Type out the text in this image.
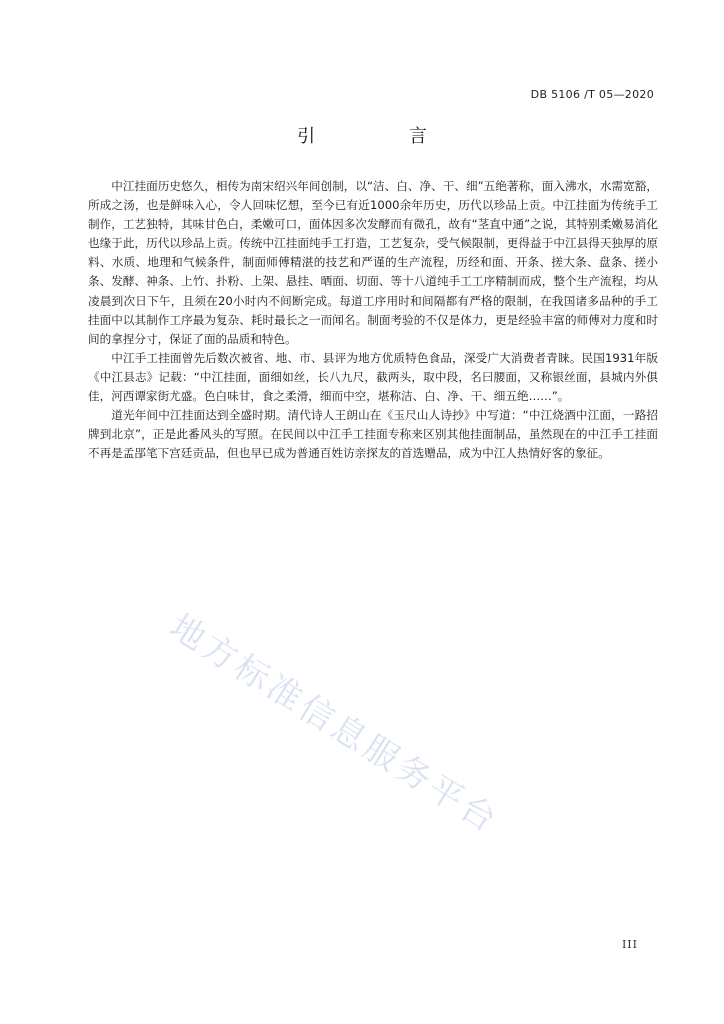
DB 5106 /T 05—2020
引 言

中江挂面历史悠久，相传为南宋绍兴年间创制，以“洁、白、净、干、细”五绝著称，面入沸水，水需宽豁，所成之汤，也是鲜味入心，令人回味忆想，至今已有近1000余年历史，历代以珍品上贡。中江挂面为传统手工制作，工艺独特，其味甘色白，柔嫩可口，面体因多次发酵而有微孔，故有“茎直中通”之说，其特别柔嫩易消化也缘于此，历代以珍品上贡。传统中江挂面纯手工打造，工艺复杂，受气候限制，更得益于中江县得天独厚的原料、水质、地理和气候条件，制面师傅精湛的技艺和严谨的生产流程，历经和面、开条、搓大条、盘条、搓小条、发酵、神条、上竹、扑粉、上架、悬挂、晒面、切面、等十八道纯手工工序精制而成，整个生产流程，均从凌晨到次日下午，且须在20小时内不间断完成。每道工序用时和间隔都有严格的限制，在我国诸多品种的手工挂面中以其制作工序最为复杂、耗时最长之一而闻名。制面考验的不仅是体力，更是经验丰富的师傅对力度和时间的拿捏分寸，保证了面的品质和特色。

中江手工挂面曾先后数次被省、地、市、县评为地方优质特色食品，深受广大消费者青睐。民国1931年版《中江县志》记载：“中江挂面，面细如丝，长八九尺，截两头，取中段，名曰腰面，又称银丝面，县城内外俱佳，河西谭家街尤盛。色白味甘，食之柔滑，细而中空，堪称洁、白、净、干、细五绝……”。

道光年间中江挂面达到全盛时期。清代诗人王朗山在《玉尺山人诗抄》中写道：“中江烧酒中江面，一路招牌到北京”，正是此番风头的写照。在民间以中江手工挂面专称来区别其他挂面制品，虽然现在的中江手工挂面不再是孟郘笔下宫廷贡品，但也早已成为普通百姓访亲探友的首选赠品，成为中江人热情好客的象征。

地方标准信息服务平台
III
